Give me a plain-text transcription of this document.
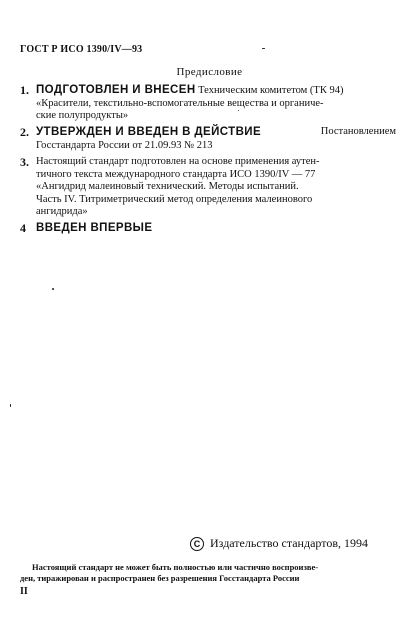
ГОСТ Р ИСО 1390/IV—93
Предисловие
1. ПОДГОТОВЛЕН И ВНЕСЕН Техническим комитетом (ТК 94)
«Красители, текстильно-вспомогательные вещества и органиче-
ские полупродукты»
2. УТВЕРЖДЕН И ВВЕДЕН В ДЕЙСТВИЕ	Постановлением
Госстандарта России от 21.09.93 № 213
3. Настоящий стандарт подготовлен на основе применения аутен-
тичного текста международного стандарта ИСО 1390/IV — 77
«Ангидрид малеиновый технический. Методы испытаний.
Часть IV. Титриметрический метод определения малеинового
ангидрида»
4 ВВЕДЕН ВПЕРВЫЕ
C Издательство стандартов, 1994
Настоящий стандарт не может быть полностью или частично воспроизве-
ден, тиражирован и распространен без разрешения Госстандарта России
II
